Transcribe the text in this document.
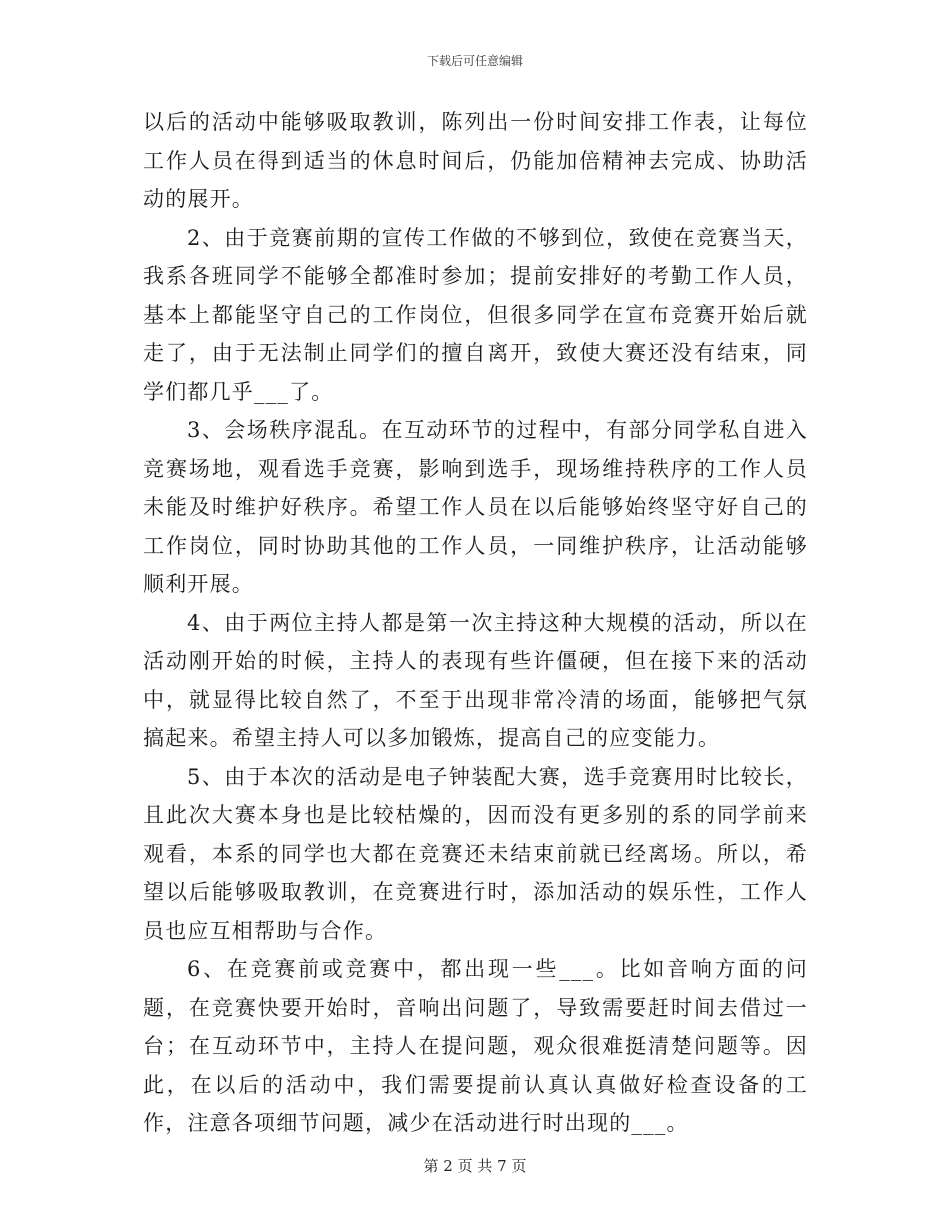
下载后可任意编辑

以后的活动中能够吸取教训，陈列出一份时间安排工作表，让每位工作人员在得到适当的休息时间后，仍能加倍精神去完成、协助活动的展开。

2、由于竞赛前期的宣传工作做的不够到位，致使在竞赛当天，我系各班同学不能够全都准时参加；提前安排好的考勤工作人员，基本上都能坚守自己的工作岗位，但很多同学在宣布竞赛开始后就走了，由于无法制止同学们的擅自离开，致使大赛还没有结束，同学们都几乎___了。

3、会场秩序混乱。在互动环节的过程中，有部分同学私自进入竞赛场地，观看选手竞赛，影响到选手，现场维持秩序的工作人员未能及时维护好秩序。希望工作人员在以后能够始终坚守好自己的工作岗位，同时协助其他的工作人员，一同维护秩序，让活动能够顺利开展。

4、由于两位主持人都是第一次主持这种大规模的活动，所以在活动刚开始的时候，主持人的表现有些许僵硬，但在接下来的活动中，就显得比较自然了，不至于出现非常冷清的场面，能够把气氛搞起来。希望主持人可以多加锻炼，提高自己的应变能力。

5、由于本次的活动是电子钟装配大赛，选手竞赛用时比较长，且此次大赛本身也是比较枯燥的，因而没有更多别的系的同学前来观看，本系的同学也大都在竞赛还未结束前就已经离场。所以，希望以后能够吸取教训，在竞赛进行时，添加活动的娱乐性，工作人员也应互相帮助与合作。

6、在竞赛前或竞赛中，都出现一些___。比如音响方面的问题，在竞赛快要开始时，音响出问题了，导致需要赶时间去借过一台；在互动环节中，主持人在提问题，观众很难挺清楚问题等。因此，在以后的活动中，我们需要提前认真认真做好检查设备的工作，注意各项细节问题，减少在活动进行时出现的___。

第 2 页 共 7 页
